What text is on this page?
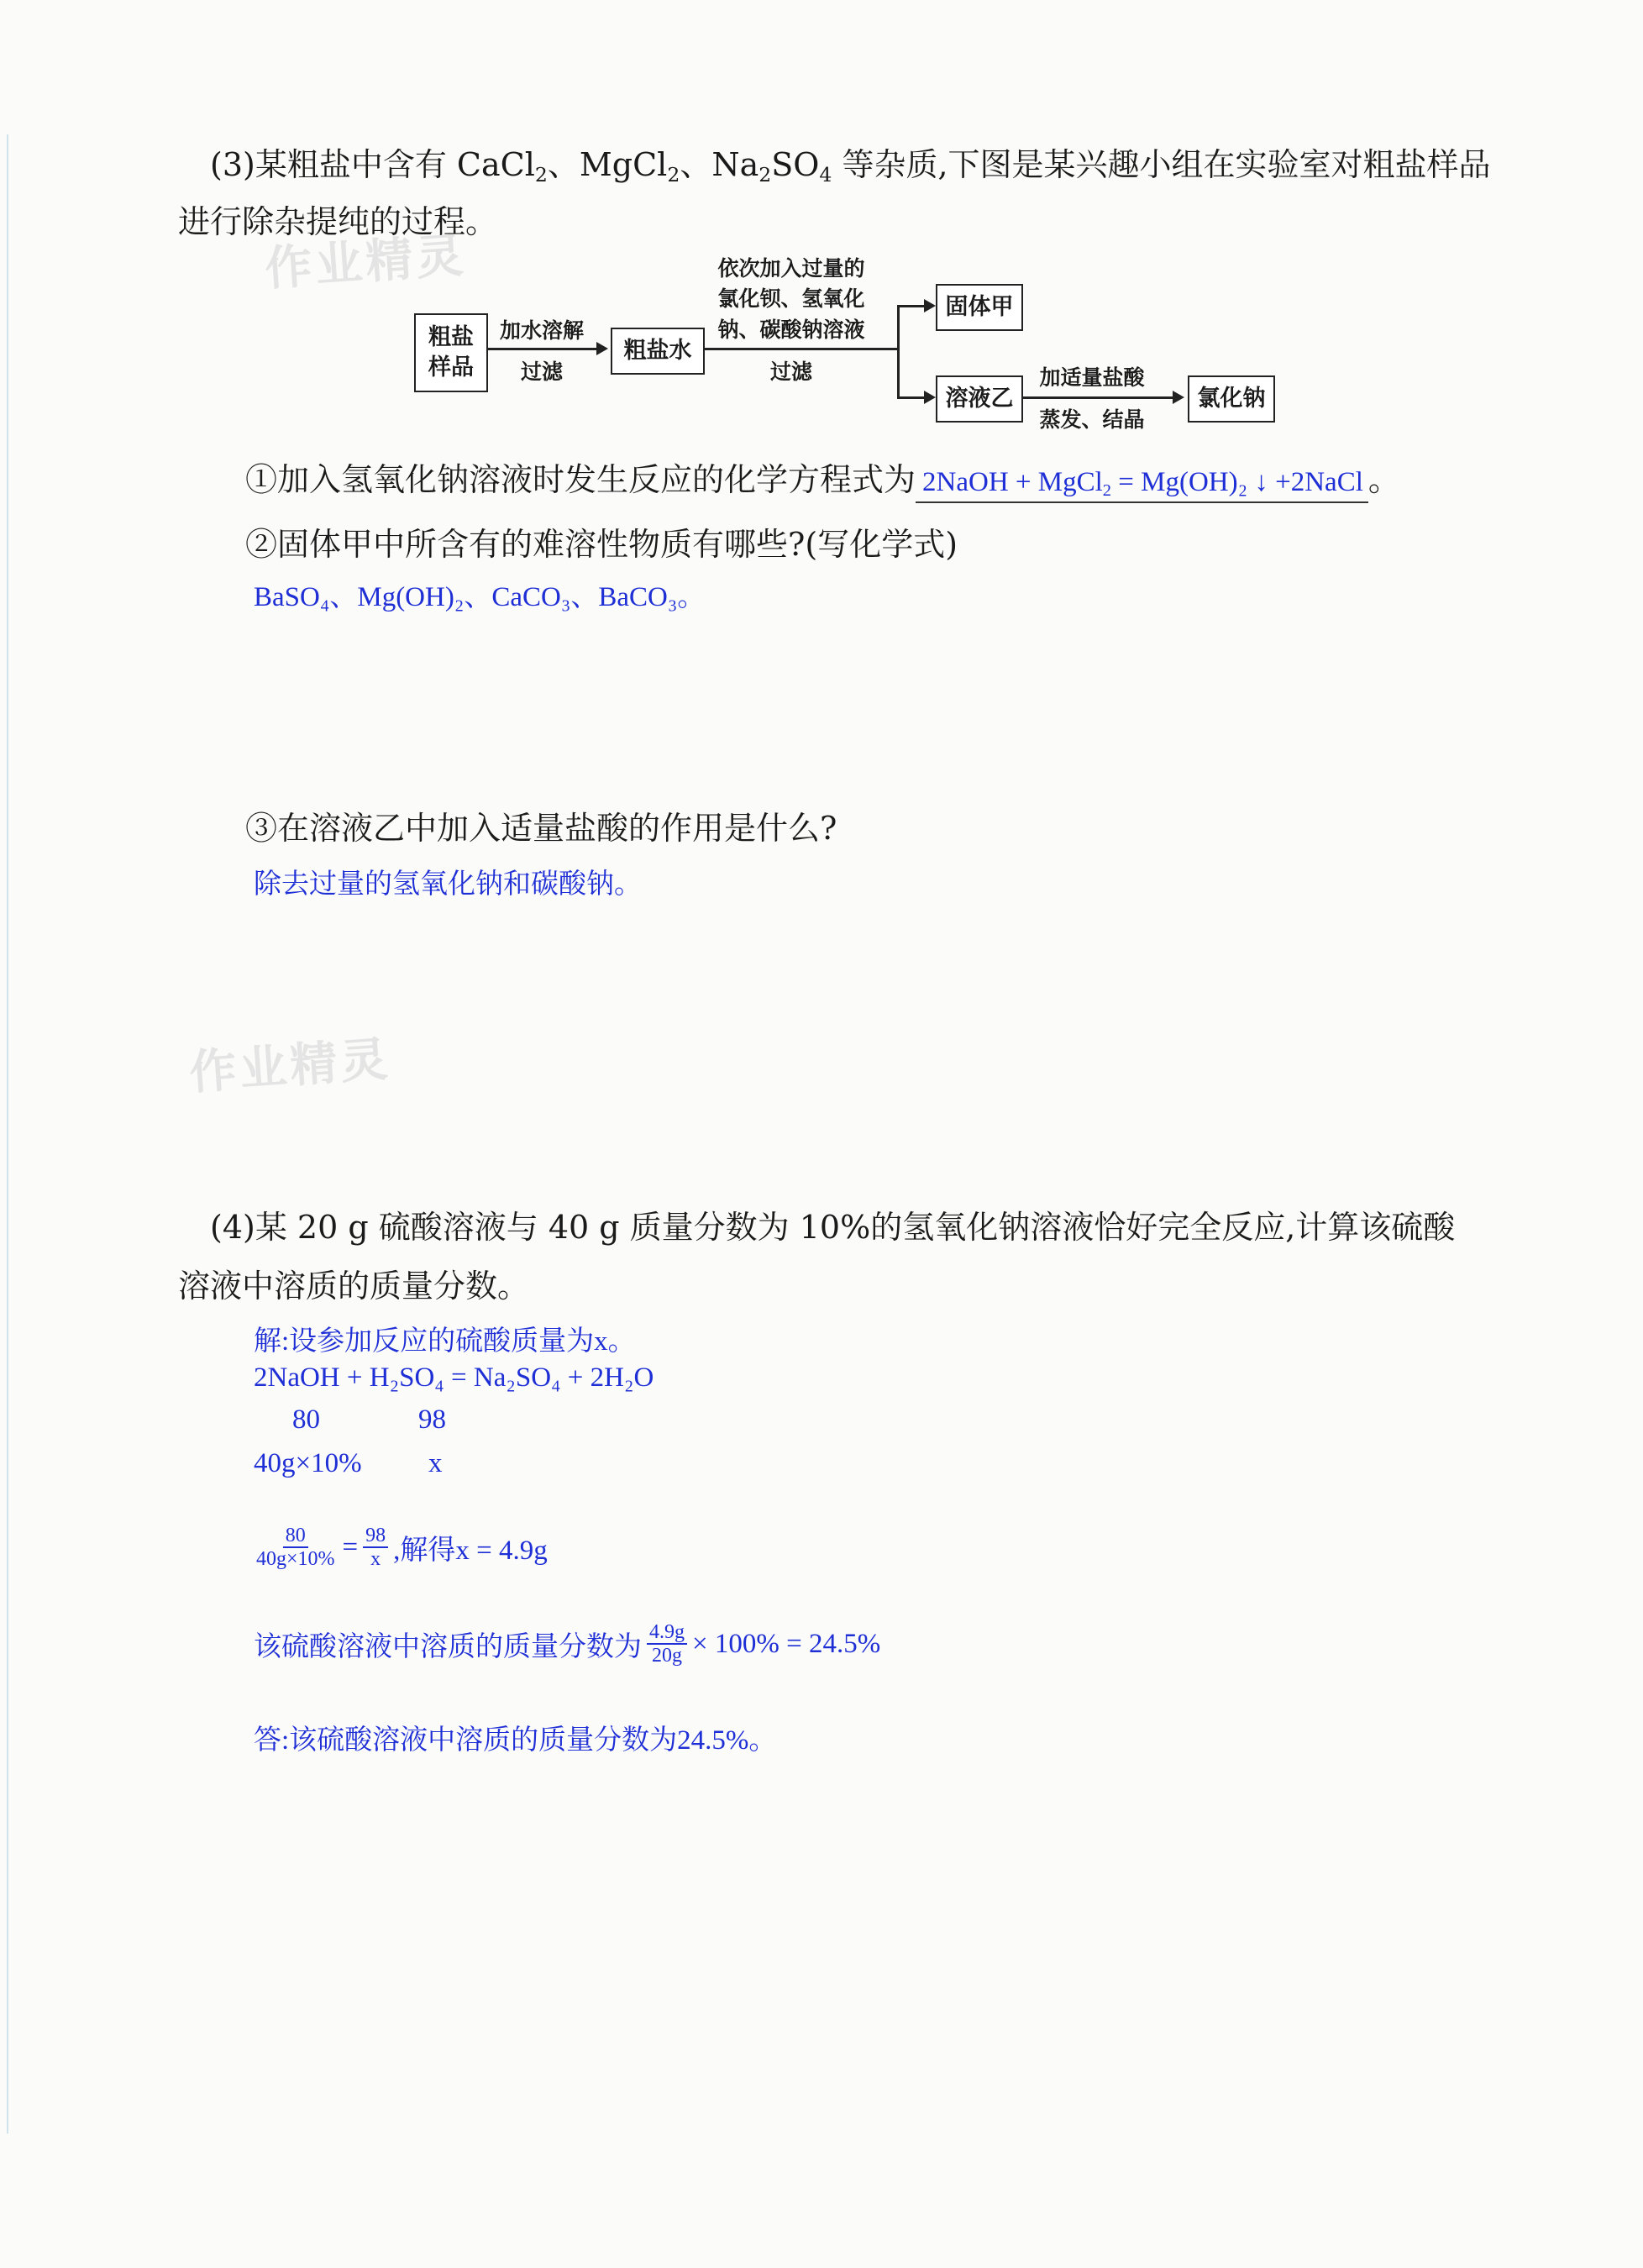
作业精灵
作业精灵
(3)某粗盐中含有 CaCl$_2$、MgCl$_2$、$Na_2SO_4$ 等杂质,下图是某兴趣小组在实验室对粗盐样品
进行除杂提纯的过程。
粗盐
样品
加水溶解
过滤
粗盐水
依次加入过量的
氯化钡、氢氧化
钠、碳酸钠溶液
过滤
固体甲
溶液乙
加适量盐酸
蒸发、结晶
氯化钠
①加入氢氧化钠溶液时发生反应的化学方程式为 2NaOH + MgCl$_2$ = Mg(OH)₂ ↓ +2NaCl 。
②固体甲中所含有的难溶性物质有哪些?(写化学式)
BaSO₄、Mg(OH)₂、CaCO₃、BaCO₃。
③在溶液乙中加入适量盐酸的作用是什么?
除去过量的氢氧化钠和碳酸钠。
(4)某 20 g 硫酸溶液与 40 g 质量分数为 10%的氢氧化钠溶液恰好完全反应,计算该硫酸
溶液中溶质的质量分数。
解:设参加反应的硫酸质量为x。
2NaOH + H₂SO₄ = Na₂SO₄ + 2H₂O
80	98
40g×10% x
$\frac{80}{40g\times 10\%} = \frac{98}{x}$ ,解得x = 4.9g
该硫酸溶液中溶质的质量分数为 $\frac{4.9g}{20g} \times 100\% = 24.5\%$
答:该硫酸溶液中溶质的质量分数为24.5%。
